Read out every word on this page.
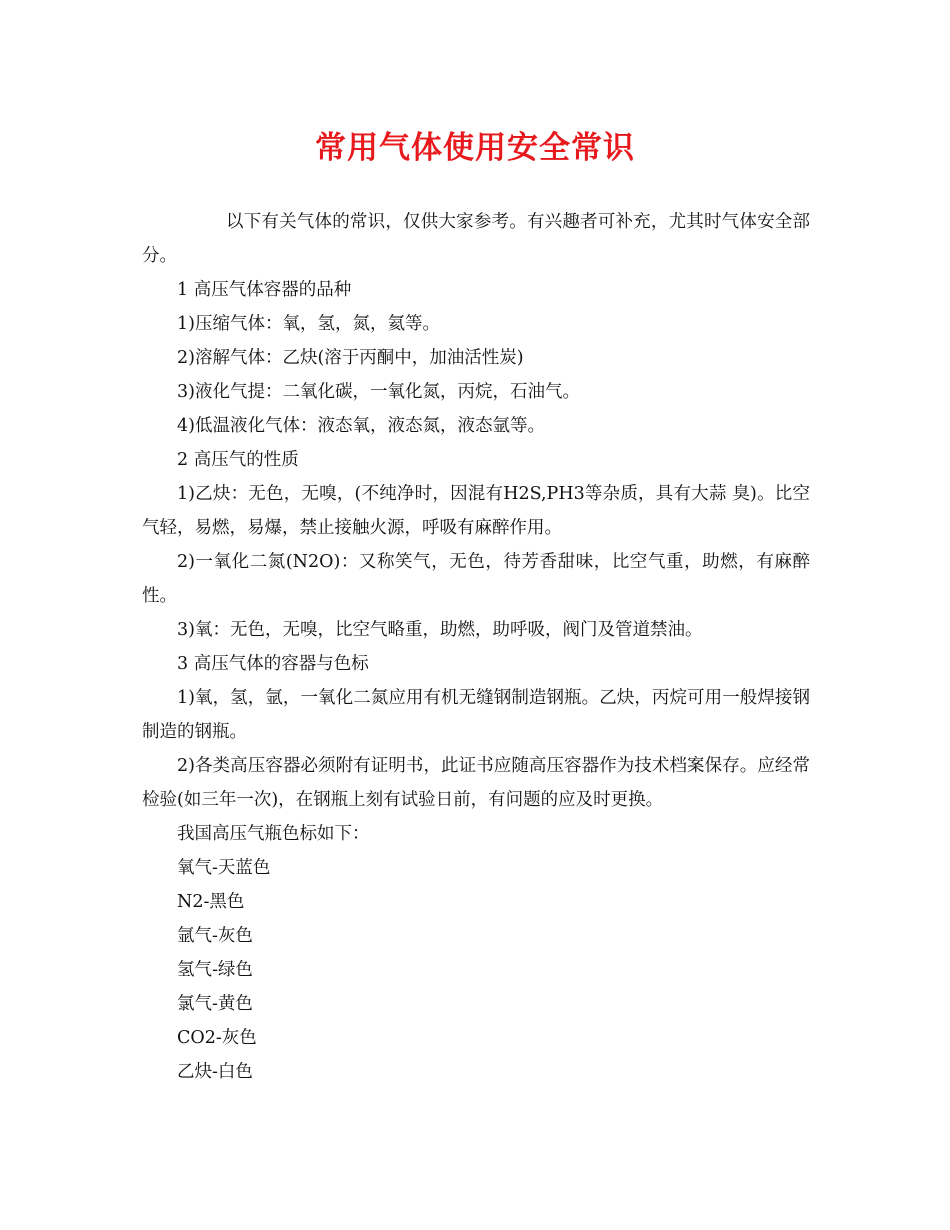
常用气体使用安全常识

以下有关气体的常识，仅供大家参考。有兴趣者可补充，尤其时气体安全部分。

1 高压气体容器的品种

1)压缩气体：氧，氢，氮，氦等。

2)溶解气体：乙炔(溶于丙酮中，加油活性炭)

3)液化气提：二氧化碳，一氧化氮，丙烷，石油气。

4)低温液化气体：液态氧，液态氮，液态氩等。

2 高压气的性质

1)乙炔：无色，无嗅，(不纯净时，因混有H2S,PH3等杂质，具有大蒜 臭)。比空气轻，易燃，易爆，禁止接触火源，呼吸有麻醉作用。

2)一氧化二氮(N2O)：又称笑气，无色，待芳香甜味，比空气重，助燃，有麻醉性。

3)氧：无色，无嗅，比空气略重，助燃，助呼吸，阀门及管道禁油。

3 高压气体的容器与色标

1)氧，氢，氩，一氧化二氮应用有机无缝钢制造钢瓶。乙炔，丙烷可用一般焊接钢制造的钢瓶。

2)各类高压容器必须附有证明书，此证书应随高压容器作为技术档案保存。应经常检验(如三年一次)，在钢瓶上刻有试验日前，有问题的应及时更换。

我国高压气瓶色标如下：

氧气-天蓝色

N2-黑色

氩气-灰色

氢气-绿色

氯气-黄色

CO2-灰色

乙炔-白色
